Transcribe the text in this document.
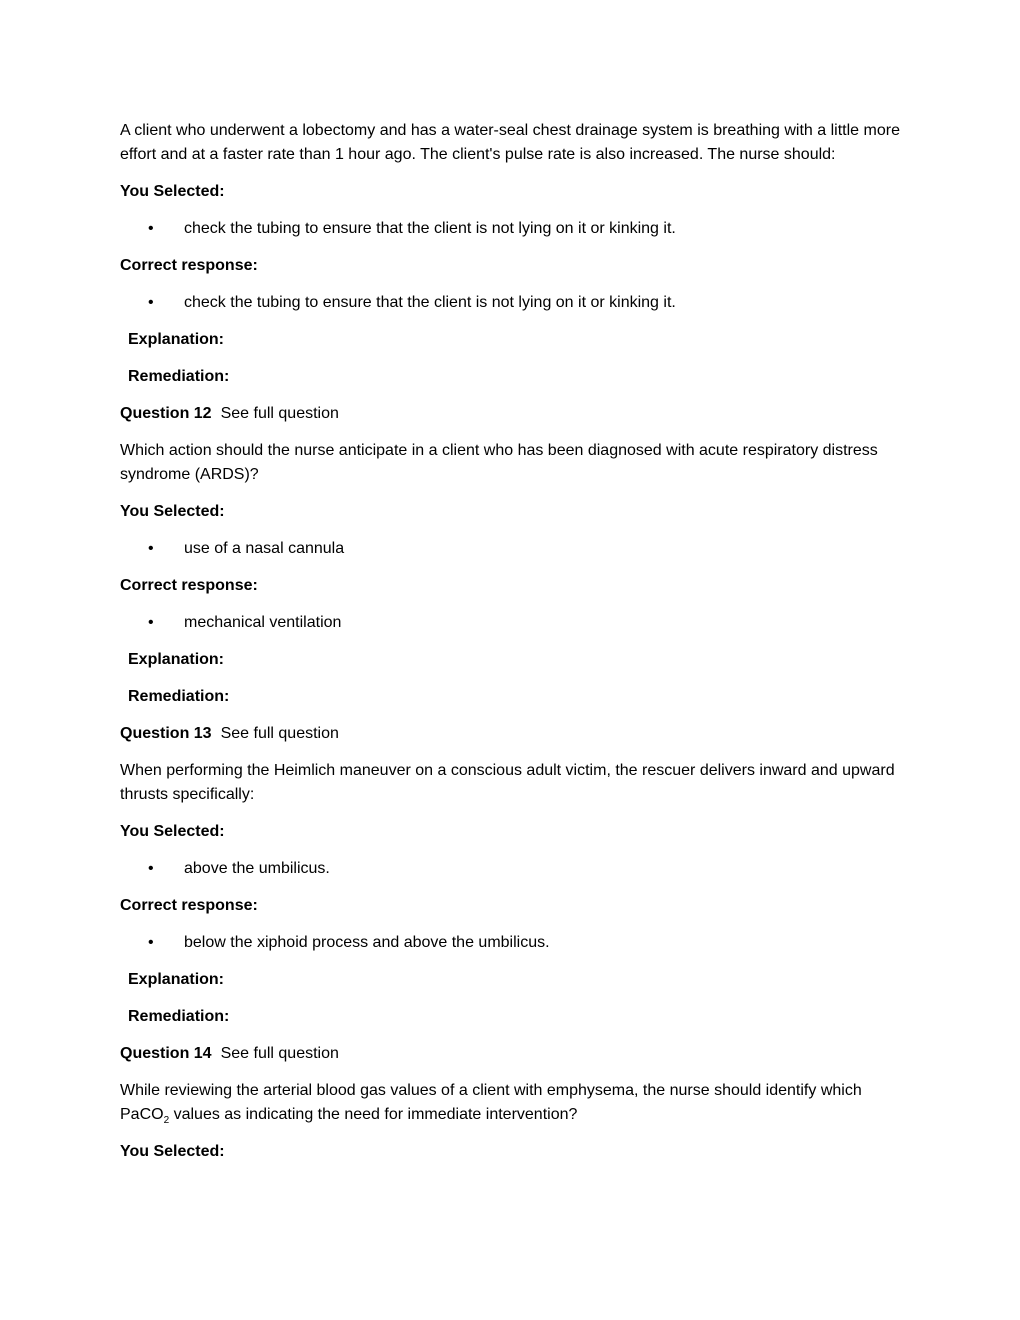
A client who underwent a lobectomy and has a water-seal chest drainage system is breathing with a little more effort and at a faster rate than 1 hour ago. The client's pulse rate is also increased. The nurse should:

You Selected:

• check the tubing to ensure that the client is not lying on it or kinking it.

Correct response:

• check the tubing to ensure that the client is not lying on it or kinking it.

Explanation:

Remediation:

Question 12 See full question

Which action should the nurse anticipate in a client who has been diagnosed with acute respiratory distress syndrome (ARDS)?

You Selected:

• use of a nasal cannula

Correct response:

• mechanical ventilation

Explanation:

Remediation:

Question 13 See full question

When performing the Heimlich maneuver on a conscious adult victim, the rescuer delivers inward and upward thrusts specifically:

You Selected:

• above the umbilicus.

Correct response:

• below the xiphoid process and above the umbilicus.

Explanation:

Remediation:

Question 14 See full question

While reviewing the arterial blood gas values of a client with emphysema, the nurse should identify which PaCO$_2$ values as indicating the need for immediate intervention?

You Selected:
